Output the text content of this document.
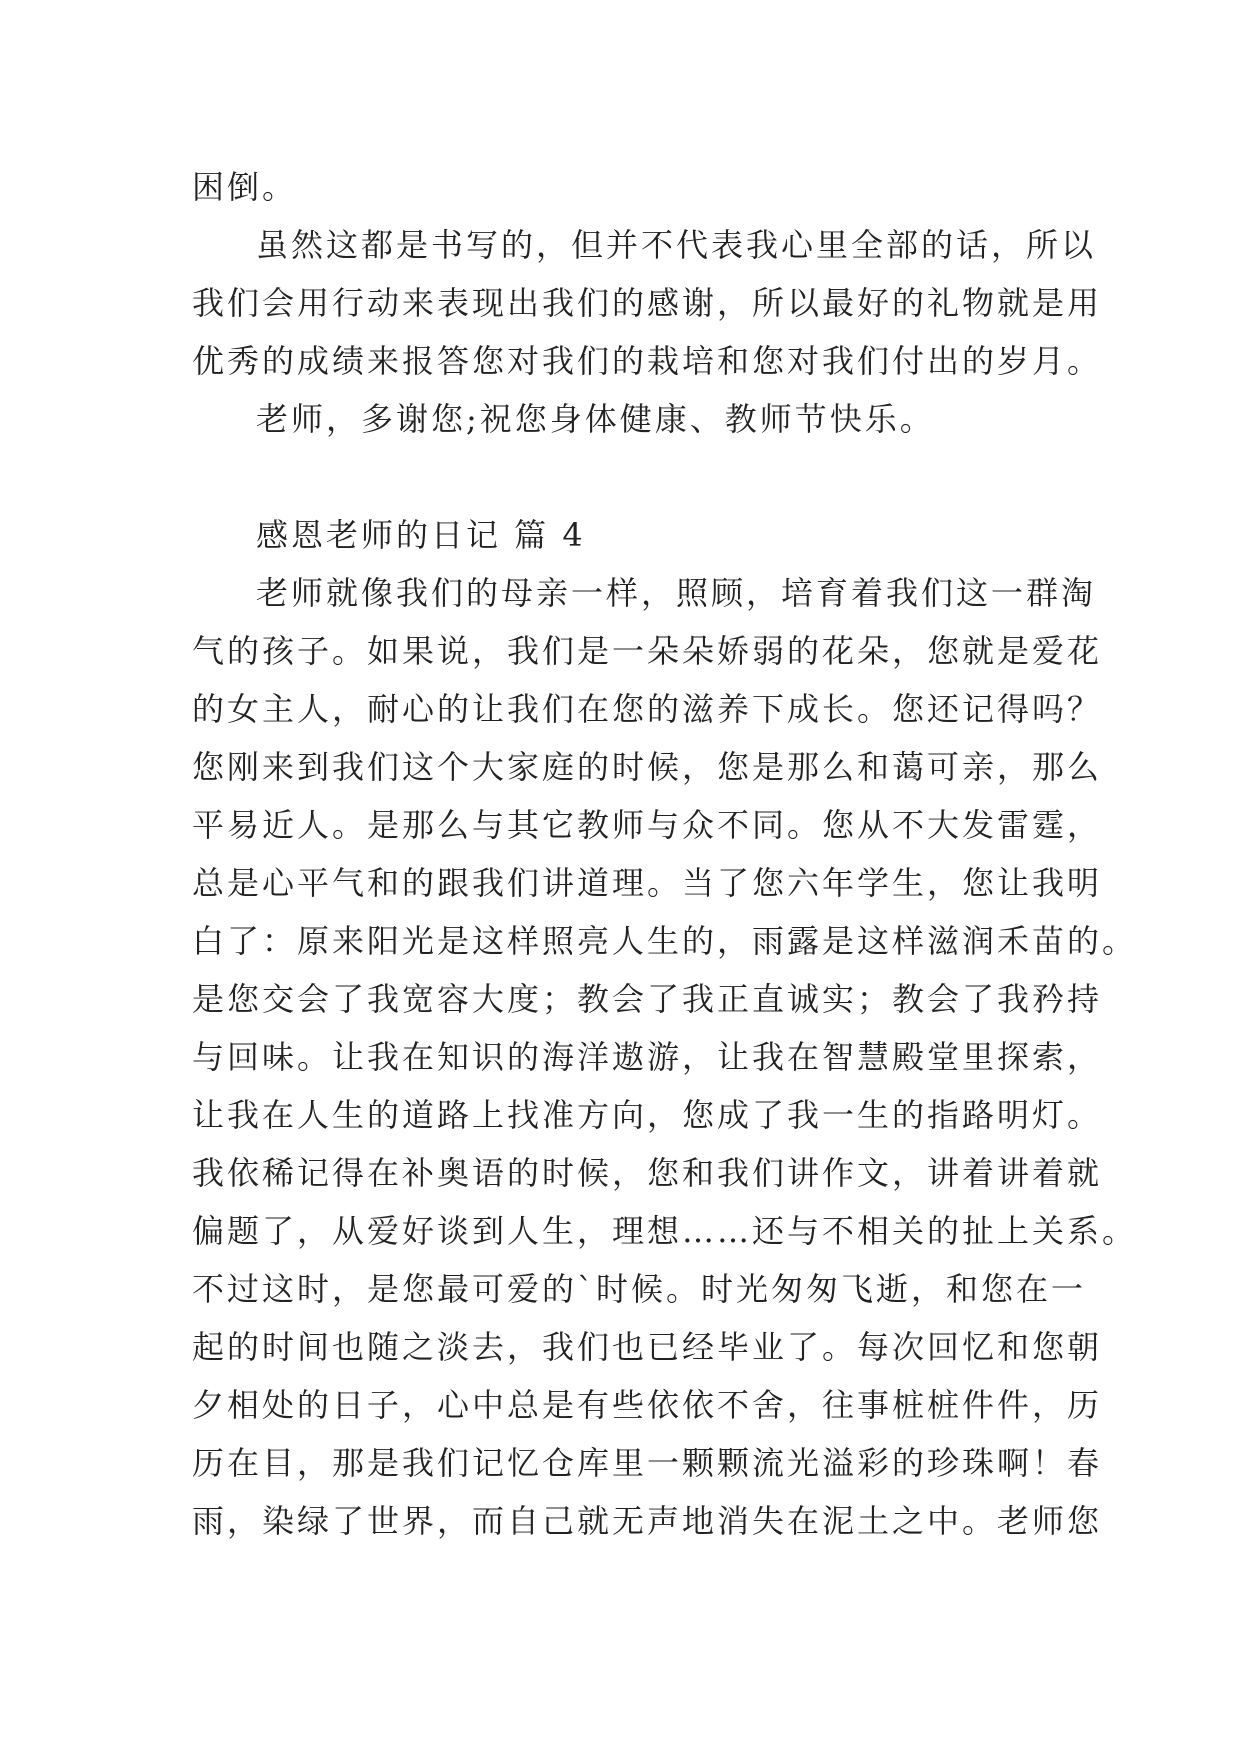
困倒。
虽然这都是书写的，但并不代表我心里全部的话，所以
我们会用行动来表现出我们的感谢，所以最好的礼物就是用
优秀的成绩来报答您对我们的栽培和您对我们付出的岁月。
老师，多谢您;祝您身体健康、教师节快乐。
感恩老师的日记 篇 4
老师就像我们的母亲一样，照顾，培育着我们这一群淘
气的孩子。如果说，我们是一朵朵娇弱的花朵，您就是爱花
的女主人，耐心的让我们在您的滋养下成长。您还记得吗？
您刚来到我们这个大家庭的时候，您是那么和蔼可亲，那么
平易近人。是那么与其它教师与众不同。您从不大发雷霆，
总是心平气和的跟我们讲道理。当了您六年学生，您让我明
白了：原来阳光是这样照亮人生的，雨露是这样滋润禾苗的。
是您交会了我宽容大度；教会了我正直诚实；教会了我矜持
与回味。让我在知识的海洋遨游，让我在智慧殿堂里探索，
让我在人生的道路上找准方向，您成了我一生的指路明灯。
我依稀记得在补奥语的时候，您和我们讲作文，讲着讲着就
偏题了，从爱好谈到人生，理想……还与不相关的扯上关系。
不过这时，是您最可爱的`时候。时光匆匆飞逝，和您在一
起的时间也随之淡去，我们也已经毕业了。每次回忆和您朝
夕相处的日子，心中总是有些依依不舍，往事桩桩件件，历
历在目，那是我们记忆仓库里一颗颗流光溢彩的珍珠啊！春
雨，染绿了世界，而自己就无声地消失在泥土之中。老师您
